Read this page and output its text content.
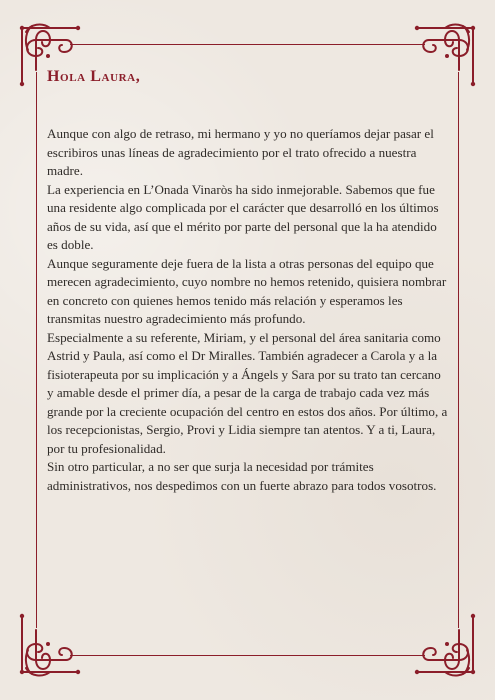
Hola Laura,

Aunque con algo de retraso, mi hermano y yo no queríamos dejar pasar el escribiros unas líneas de agradecimiento por el trato ofrecido a nuestra madre.

La experiencia en L’Onada Vinaròs ha sido inmejorable. Sabemos que fue una residente algo complicada por el carácter que desarrolló en los últimos años de su vida, así que el mérito por parte del personal que la ha atendido es doble.

Aunque seguramente deje fuera de la lista a otras personas del equipo que merecen agradecimiento, cuyo nombre no hemos retenido, quisiera nombrar en concreto con quienes hemos tenido más relación y esperamos les transmitas nuestro agradecimiento más profundo.

Especialmente a su referente, Miriam, y el personal del área sanitaria como Astrid y Paula, así como el Dr Miralles. También agradecer a Carola y a la fisioterapeuta por su implicación y a Ángels y Sara por su trato tan cercano y amable desde el primer día, a pesar de la carga de trabajo cada vez más grande por la creciente ocupación del centro en estos dos años. Por último, a los recepcionistas, Sergio, Provi y Lidia siempre tan atentos. Y a ti, Laura, por tu profesionalidad.

Sin otro particular, a no ser que surja la necesidad por trámites administrativos, nos despedimos con un fuerte abrazo para todos vosotros.
